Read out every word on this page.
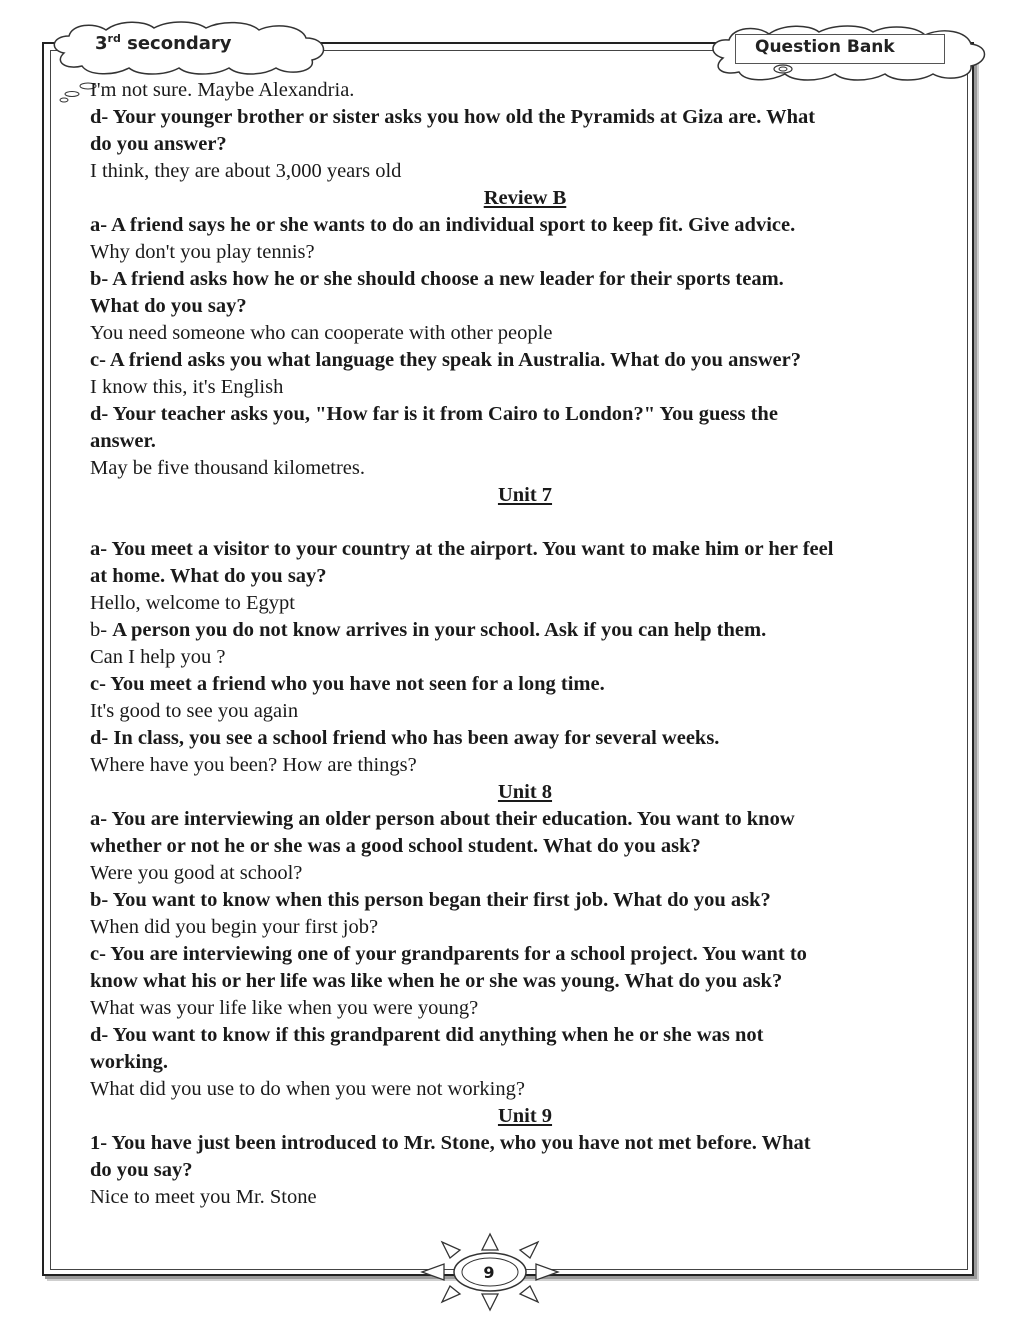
3rd secondary	Question Bank

I'm not sure. Maybe Alexandria.

d- Your younger brother or sister asks you how old the Pyramids at Giza are. What

do you answer?

I think, they are about 3,000 years old

Review B

a- A friend says he or she wants to do an individual sport to keep fit. Give advice.

Why don't you play tennis?

b- A friend asks how he or she should choose a new leader for their sports team.

What do you say?

You need someone who can cooperate with other people

c- A friend asks you what language they speak in Australia. What do you answer?

I know this, it's English

d- Your teacher asks you, "How far is it from Cairo to London?" You guess the

answer.

May be five thousand kilometres.

Unit 7

a- You meet a visitor to your country at the airport. You want to make him or her feel

at home. What do you say?

Hello, welcome to Egypt

b- A person you do not know arrives in your school. Ask if you can help them.

Can I help you ?

c- You meet a friend who you have not seen for a long time.

It's good to see you again

d- In class, you see a school friend who has been away for several weeks.

Where have you been? How are things?

Unit 8

a- You are interviewing an older person about their education. You want to know

whether or not he or she was a good school student. What do you ask?

Were you good at school?

b- You want to know when this person began their first job. What do you ask?

When did you begin your first job?

c- You are interviewing one of your grandparents for a school project. You want to

know what his or her life was like when he or she was young. What do you ask?

What was your life like when you were young?

d- You want to know if this grandparent did anything when he or she was not

working.

What did you use to do when you were not working?

Unit 9

1- You have just been introduced to Mr. Stone, who you have not met before. What

do you say?

Nice to meet you Mr. Stone

9
